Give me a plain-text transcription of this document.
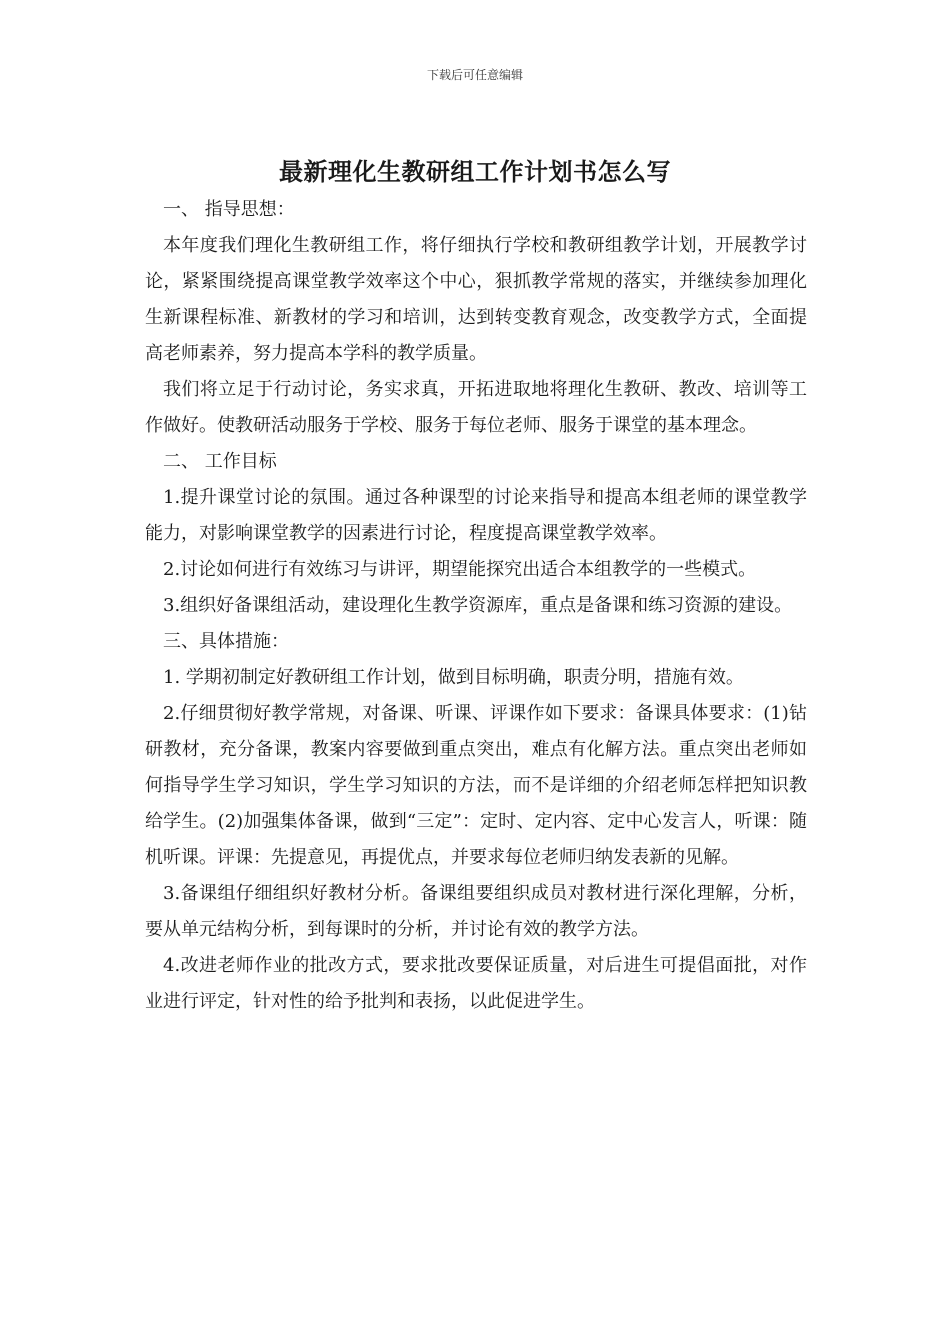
下载后可任意编辑
最新理化生教研组工作计划书怎么写

一、 指导思想：

本年度我们理化生教研组工作，将仔细执行学校和教研组教学计划，开展教学讨论，紧紧围绕提高课堂教学效率这个中心，狠抓教学常规的落实，并继续参加理化生新课程标准、新教材的学习和培训，达到转变教育观念，改变教学方式，全面提高老师素养，努力提高本学科的教学质量。

我们将立足于行动讨论，务实求真，开拓进取地将理化生教研、教改、培训等工作做好。使教研活动服务于学校、服务于每位老师、服务于课堂的基本理念。

二、 工作目标

1.提升课堂讨论的氛围。通过各种课型的讨论来指导和提高本组老师的课堂教学能力，对影响课堂教学的因素进行讨论，程度提高课堂教学效率。

2.讨论如何进行有效练习与讲评，期望能探究出适合本组教学的一些模式。

3.组织好备课组活动，建设理化生教学资源库，重点是备课和练习资源的建设。

三、具体措施：

1. 学期初制定好教研组工作计划，做到目标明确，职责分明，措施有效。

2.仔细贯彻好教学常规，对备课、听课、评课作如下要求：备课具体要求：(1)钻研教材，充分备课，教案内容要做到重点突出，难点有化解方法。重点突出老师如何指导学生学习知识，学生学习知识的方法，而不是详细的介绍老师怎样把知识教给学生。(2)加强集体备课，做到“三定”：定时、定内容、定中心发言人，听课：随机听课。评课：先提意见，再提优点，并要求每位老师归纳发表新的见解。

3.备课组仔细组织好教材分析。备课组要组织成员对教材进行深化理解，分析，要从单元结构分析，到每课时的分析，并讨论有效的教学方法。

4.改进老师作业的批改方式，要求批改要保证质量，对后进生可提倡面批，对作业进行评定，针对性的给予批判和表扬，以此促进学生。
